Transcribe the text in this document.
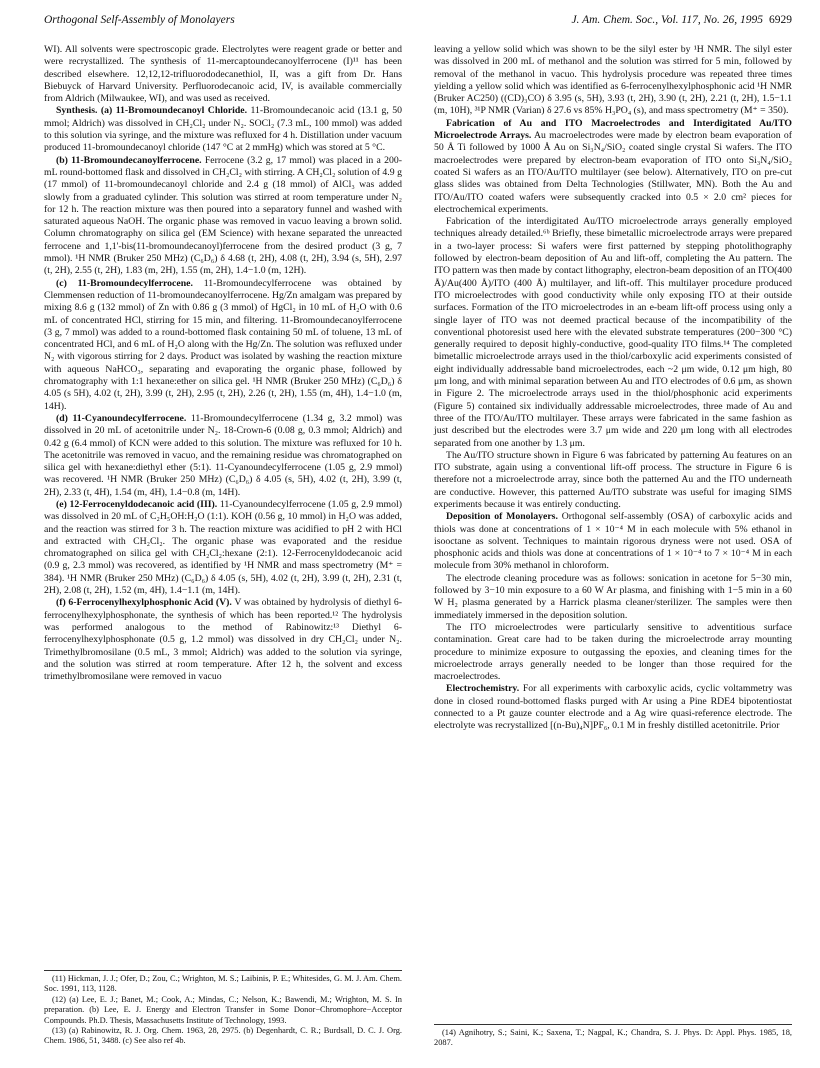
Orthogonal Self-Assembly of Monolayers	J. Am. Chem. Soc., Vol. 117, No. 26, 1995 6929

WI). All solvents were spectroscopic grade. Electrolytes were reagent grade or better and were recrystallized. The synthesis of 11-mercaptoundecanoylferrocene (I)¹¹ has been described elsewhere. 12,12,12-trifluorododecanethiol, II, was a gift from Dr. Hans Biebuyck of Harvard University. Perfluorodecanoic acid, IV, is available commercially from Aldrich (Milwaukee, WI), and was used as received.

Synthesis. (a) 11-Bromoundecanoyl Chloride. 11-Bromoundecanoic acid (13.1 g, 50 mmol; Aldrich) was dissolved in CH₂Cl₂ under N₂. SOCl₂ (7.3 mL, 100 mmol) was added to this solution via syringe, and the mixture was refluxed for 4 h. Distillation under vacuum produced 11-bromoundecanoyl chloride (147 °C at 2 mmHg) which was stored at 5 °C.

(b) 11-Bromoundecanoylferrocene. Ferrocene (3.2 g, 17 mmol) was placed in a 200-mL round-bottomed flask and dissolved in CH₂Cl₂ with stirring. A CH₂Cl₂ solution of 4.9 g (17 mmol) of 11-bromoundecanoyl chloride and 2.4 g (18 mmol) of AlCl₃ was added slowly from a graduated cylinder. This solution was stirred at room temperature under N₂ for 12 h. The reaction mixture was then poured into a separatory funnel and washed with saturated aqueous NaOH. The organic phase was removed in vacuo leaving a brown solid. Column chromatography on silica gel (EM Science) with hexane separated the unreacted ferrocene and 1,1'-bis(11-bromoundecanoyl)ferrocene from the desired product (3 g, 7 mmol). ¹H NMR (Bruker 250 MHz) (C₆D₆) δ 4.68 (t, 2H), 4.08 (t, 2H), 3.94 (s, 5H), 2.97 (t, 2H), 2.55 (t, 2H), 1.83 (m, 2H), 1.55 (m, 2H), 1.4−1.0 (m, 12H).

(c) 11-Bromoundecylferrocene. 11-Bromoundecylferrocene was obtained by Clemmensen reduction of 11-bromoundecanoylferrocene. Hg/Zn amalgam was prepared by mixing 8.6 g (132 mmol) of Zn with 0.86 g (3 mmol) of HgCl₂ in 10 mL of H₂O with 0.6 mL of concentrated HCl, stirring for 15 min, and filtering. 11-Bromoundecanoylferrocene (3 g, 7 mmol) was added to a round-bottomed flask containing 50 mL of toluene, 13 mL of concentrated HCl, and 6 mL of H₂O along with the Hg/Zn. The solution was refluxed under N₂ with vigorous stirring for 2 days. Product was isolated by washing the reaction mixture with aqueous NaHCO₃, separating and evaporating the organic phase, followed by chromatography with 1:1 hexane:ether on silica gel. ¹H NMR (Bruker 250 MHz) (C₆D₆) δ 4.05 (s 5H), 4.02 (t, 2H), 3.99 (t, 2H), 2.95 (t, 2H), 2.26 (t, 2H), 1.55 (m, 4H), 1.4−1.0 (m, 14H).

(d) 11-Cyanoundecylferrocene. 11-Bromoundecylferrocene (1.34 g, 3.2 mmol) was dissolved in 20 mL of acetonitrile under N₂. 18-Crown-6 (0.08 g, 0.3 mmol; Aldrich) and 0.42 g (6.4 mmol) of KCN were added to this solution. The mixture was refluxed for 10 h. The acetonitrile was removed in vacuo, and the remaining residue was chromatographed on silica gel with hexane:diethyl ether (5:1). 11-Cyanoundecylferrocene (1.05 g, 2.9 mmol) was recovered. ¹H NMR (Bruker 250 MHz) (C₆D₆) δ 4.05 (s, 5H), 4.02 (t, 2H), 3.99 (t, 2H), 2.33 (t, 4H), 1.54 (m, 4H), 1.4−0.8 (m, 14H).

(e) 12-Ferrocenyldodecanoic acid (III). 11-Cyanoundecylferrocene (1.05 g, 2.9 mmol) was dissolved in 20 mL of C₂H₅OH:H₂O (1:1). KOH (0.56 g, 10 mmol) in H₂O was added, and the reaction was stirred for 3 h. The reaction mixture was acidified to pH 2 with HCl and extracted with CH₂Cl₂. The organic phase was evaporated and the residue chromatographed on silica gel with CH₂Cl₂:hexane (2:1). 12-Ferrocenyldodecanoic acid (0.9 g, 2.3 mmol) was recovered, as identified by ¹H NMR and mass spectrometry (M⁺ = 384). ¹H NMR (Bruker 250 MHz) (C₆D₆) δ 4.05 (s, 5H), 4.02 (t, 2H), 3.99 (t, 2H), 2.31 (t, 2H), 2.08 (t, 2H), 1.52 (m, 4H), 1.4−1.1 (m, 14H).

(f) 6-Ferrocenylhexylphosphonic Acid (V). V was obtained by hydrolysis of diethyl 6-ferrocenylhexylphosphonate, the synthesis of which has been reported.¹² The hydrolysis was performed analogous to the method of Rabinowitz:¹³ Diethyl 6-ferrocenylhexylphosphonate (0.5 g, 1.2 mmol) was dissolved in dry CH₂Cl₂ under N₂. Trimethylbromosilane (0.5 mL, 3 mmol; Aldrich) was added to the solution via syringe, and the solution was stirred at room temperature. After 12 h, the solvent and excess trimethylbromosilane were removed in vacuo

(11) Hickman, J. J.; Ofer, D.; Zou, C.; Wrighton, M. S.; Laibinis, P. E.; Whitesides, G. M. J. Am. Chem. Soc. 1991, 113, 1128.

(12) (a) Lee, E. J.; Banet, M.; Cook, A.; Mindas, C.; Nelson, K.; Bawendi, M.; Wrighton, M. S. In preparation. (b) Lee, E. J. Energy and Electron Transfer in Some Donor−Chromophore−Acceptor Compounds. Ph.D. Thesis, Massachusetts Institute of Technology, 1993.

(13) (a) Rabinowitz, R. J. Org. Chem. 1963, 28, 2975. (b) Degenhardt, C. R.; Burdsall, D. C. J. Org. Chem. 1986, 51, 3488. (c) See also ref 4b.

leaving a yellow solid which was shown to be the silyl ester by ¹H NMR. The silyl ester was dissolved in 200 mL of methanol and the solution was stirred for 5 min, followed by removal of the methanol in vacuo. This hydrolysis procedure was repeated three times yielding a yellow solid which was identified as 6-ferrocenylhexylphosphonic acid ¹H NMR (Bruker AC250) ((CD)₃CO) δ 3.95 (s, 5H), 3.93 (t, 2H), 3.90 (t, 2H), 2.21 (t, 2H), 1.5−1.1 (m, 10H), ³¹P NMR (Varian) δ 27.6 vs 85% H₃PO₄ (s), and mass spectrometry (M⁺ = 350).

Fabrication of Au and ITO Macroelectrodes and Interdigitated Au/ITO Microelectrode Arrays. Au macroelectrodes were made by electron beam evaporation of 50 Å Ti followed by 1000 Å Au on Si₃N₄/SiO₂ coated single crystal Si wafers. The ITO macroelectrodes were prepared by electron-beam evaporation of ITO onto Si₃N₄/SiO₂ coated Si wafers as an ITO/Au/ITO multilayer (see below). Alternatively, ITO on pre-cut glass slides was obtained from Delta Technologies (Stillwater, MN). Both the Au and ITO/Au/ITO coated wafers were subsequently cracked into 0.5 × 2.0 cm² pieces for electrochemical experiments.

Fabrication of the interdigitated Au/ITO microelectrode arrays generally employed techniques already detailed.⁶ᵇ Briefly, these bimetallic microelectrode arrays were prepared in a two-layer process: Si wafers were first patterned by stepping photolithography followed by electron-beam deposition of Au and lift-off, completing the Au pattern. The ITO pattern was then made by contact lithography, electron-beam deposition of an ITO(400 Å)/Au(400 Å)/ITO (400 Å) multilayer, and lift-off. This multilayer procedure produced ITO microelectrodes with good conductivity while only exposing ITO at their outside surfaces. Formation of the ITO microelectrodes in an e-beam lift-off process using only a single layer of ITO was not deemed practical because of the incompatibility of the conventional photoresist used here with the elevated substrate temperatures (200−300 °C) generally required to deposit highly-conductive, good-quality ITO films.¹⁴ The completed bimetallic microelectrode arrays used in the thiol/carboxylic acid experiments consisted of eight individually addressable band microelectrodes, each ~2 μm wide, 0.12 μm high, 80 μm long, and with minimal separation between Au and ITO electrodes of 0.6 μm, as shown in Figure 2. The microelectrode arrays used in the thiol/phosphonic acid experiments (Figure 5) contained six individually addressable microelectrodes, three made of Au and three of the ITO/Au/ITO multilayer. These arrays were fabricated in the same fashion as just described but the electrodes were 3.7 μm wide and 220 μm long with all electrodes separated from one another by 1.3 μm.

The Au/ITO structure shown in Figure 6 was fabricated by patterning Au features on an ITO substrate, again using a conventional lift-off process. The structure in Figure 6 is therefore not a microelectrode array, since both the patterned Au and the ITO underneath are conductive. However, this patterned Au/ITO substrate was useful for imaging SIMS experiments because it was entirely conducting.

Deposition of Monolayers. Orthogonal self-assembly (OSA) of carboxylic acids and thiols was done at concentrations of 1 × 10⁻⁴ M in each molecule with 5% ethanol in isooctane as solvent. Techniques to maintain rigorous dryness were not used. OSA of phosphonic acids and thiols was done at concentrations of 1 × 10⁻⁴ to 7 × 10⁻⁴ M in each molecule from 30% methanol in chloroform.

The electrode cleaning procedure was as follows: sonication in acetone for 5−30 min, followed by 3−10 min exposure to a 60 W Ar plasma, and finishing with 1−5 min in a 60 W H₂ plasma generated by a Harrick plasma cleaner/sterilizer. The samples were then immediately immersed in the deposition solution.

The ITO microelectrodes were particularly sensitive to adventitious surface contamination. Great care had to be taken during the microelectrode array mounting procedure to minimize exposure to outgassing the epoxies, and cleaning times for the microelectrode arrays generally needed to be longer than those required for the macroelectrodes.

Electrochemistry. For all experiments with carboxylic acids, cyclic voltammetry was done in closed round-bottomed flasks purged with Ar using a Pine RDE4 bipotentiostat connected to a Pt gauze counter electrode and a Ag wire quasi-reference electrode. The electrolyte was recrystallized [(n-Bu)₄N]PF₆, 0.1 M in freshly distilled acetonitrile. Prior

(14) Agnihotry, S.; Saini, K.; Saxena, T.; Nagpal, K.; Chandra, S. J. Phys. D: Appl. Phys. 1985, 18, 2087.
